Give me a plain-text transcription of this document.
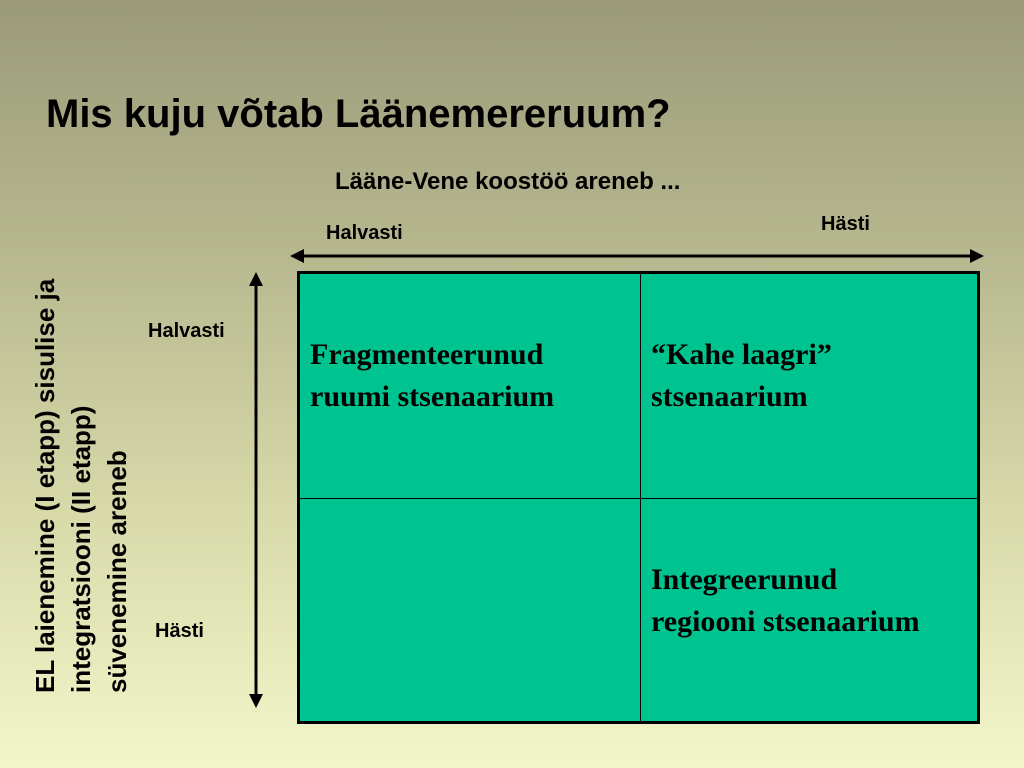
Mis kuju võtab Läänemereruum?
Lääne-Vene koostöö areneb ...
Halvasti	Hästi
Halvasti
Hästi
EL laienemine (I etapp) sisulise ja integratsiooni (II etapp) süvenemine areneb
Fragmenteerunud
ruumi stsenaarium
“Kahe laagri”
stsenaarium
Integreerunud
regiooni stsenaarium
